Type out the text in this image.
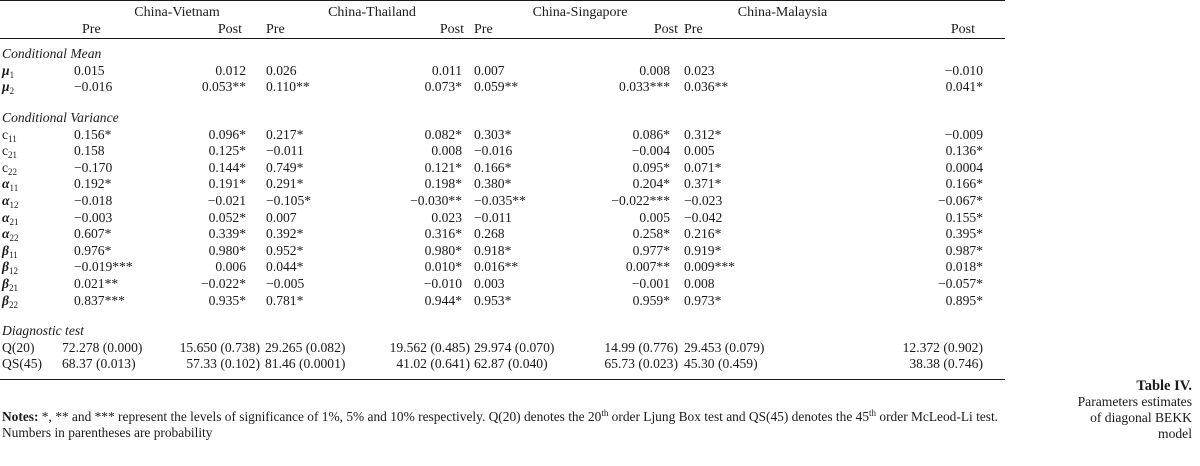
	China-Vietnam		China-Thailand		China-Singapore		China-Malaysia	
	Pre	Post	Pre	Post	Pre	Post	Pre	Post

Conditional Mean								
$\mu_1$	0.015	0.012	0.026	0.011	0.007	0.008	0.023	−0.010
$\mu_2$	−0.016	0.053**	0.110**	0.073*	0.059**	0.033***	0.036**	0.041*

Conditional Variance								
$c_{11}$	0.156*	0.096*	0.217*	0.082*	0.303*	0.086*	0.312*	−0.009
$c_{21}$	0.158	0.125*	−0.011	0.008	−0.016	−0.004	0.005	0.136*
$c_{22}$	−0.170	0.144*	0.749*	0.121*	0.166*	0.095*	0.071*	0.0004
$\alpha_{11}$	0.192*	0.191*	0.291*	0.198*	0.380*	0.204*	0.371*	0.166*
$\alpha_{12}$	−0.018	−0.021	−0.105*	−0.030**	−0.035**	−0.022***	−0.023	−0.067*
$\alpha_{21}$	−0.003	0.052*	0.007	0.023	−0.011	0.005	−0.042	0.155*
$\alpha_{22}$	0.607*	0.339*	0.392*	0.316*	0.268	0.258*	0.216*	0.395*
$\beta_{11}$	0.976*	0.980*	0.952*	0.980*	0.918*	0.977*	0.919*	0.987*
$\beta_{12}$	−0.019***	0.006	0.044*	0.010*	0.016**	0.007**	0.009***	0.018*
$\beta_{21}$	0.021**	−0.022*	−0.005	−0.010	0.003	−0.001	0.008	−0.057*
$\beta_{22}$	0.837***	0.935*	0.781*	0.944*	0.953*	0.959*	0.973*	0.895*

Diagnostic test								
Q(20)	72.278 (0.000)	15.650 (0.738)	29.265 (0.082)	19.562 (0.485)	29.974 (0.070)	14.99 (0.776)	29.453 (0.079)	12.372 (0.902)
QS(45)	68.37 (0.013)	57.33 (0.102)	81.46 (0.0001)	41.02 (0.641)	62.87 (0.040)	65.73 (0.023)	45.30 (0.459)	38.38 (0.746)

Notes: *, ** and *** represent the levels of significance of 1%, 5% and 10% respectively. Q(20) denotes the 20th order Ljung Box test and QS(45) denotes the 45th order McLeod-Li test. Numbers in parentheses are probability
Table IV.
Parameters estimates
of diagonal BEKK
model
